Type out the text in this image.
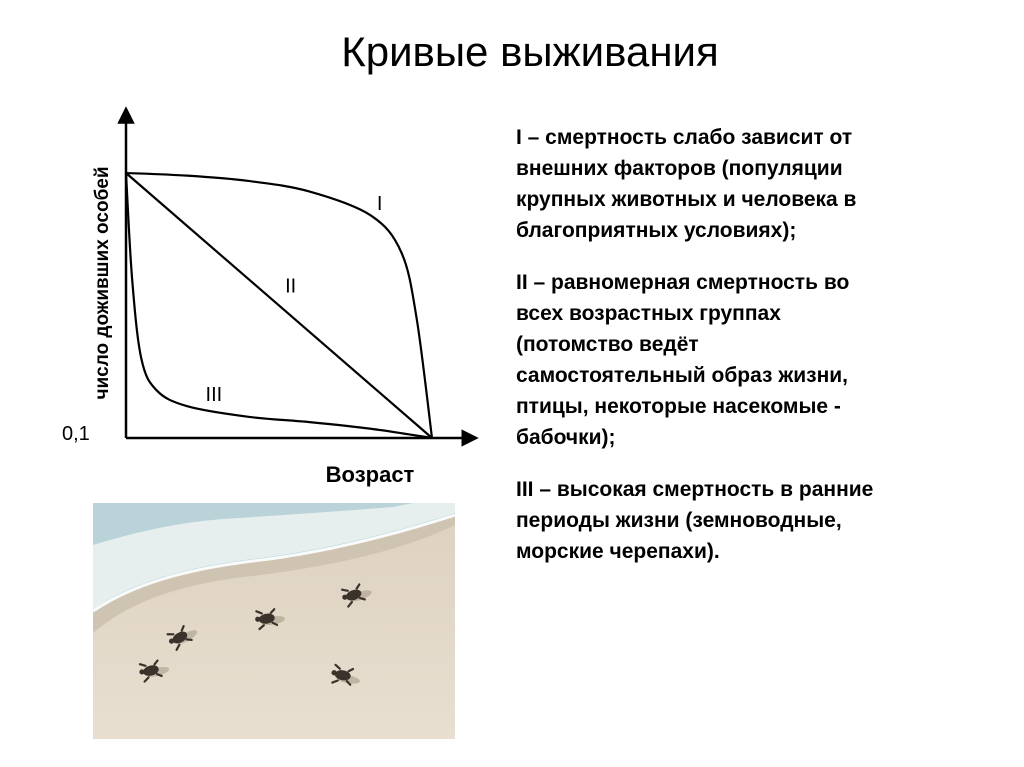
Кривые выживания
число доживших особей
0,1
Возраст
I
II
III

I – смертность слабо зависит от
внешних факторов (популяции
крупных животных и человека в
благоприятных условиях);

II – равномерная смертность во
всех возрастных группах
(потомство ведёт
самостоятельный образ жизни,
птицы, некоторые насекомые -
бабочки);

III – высокая смертность в ранние
периоды жизни (земноводные,
морские черепахи).
